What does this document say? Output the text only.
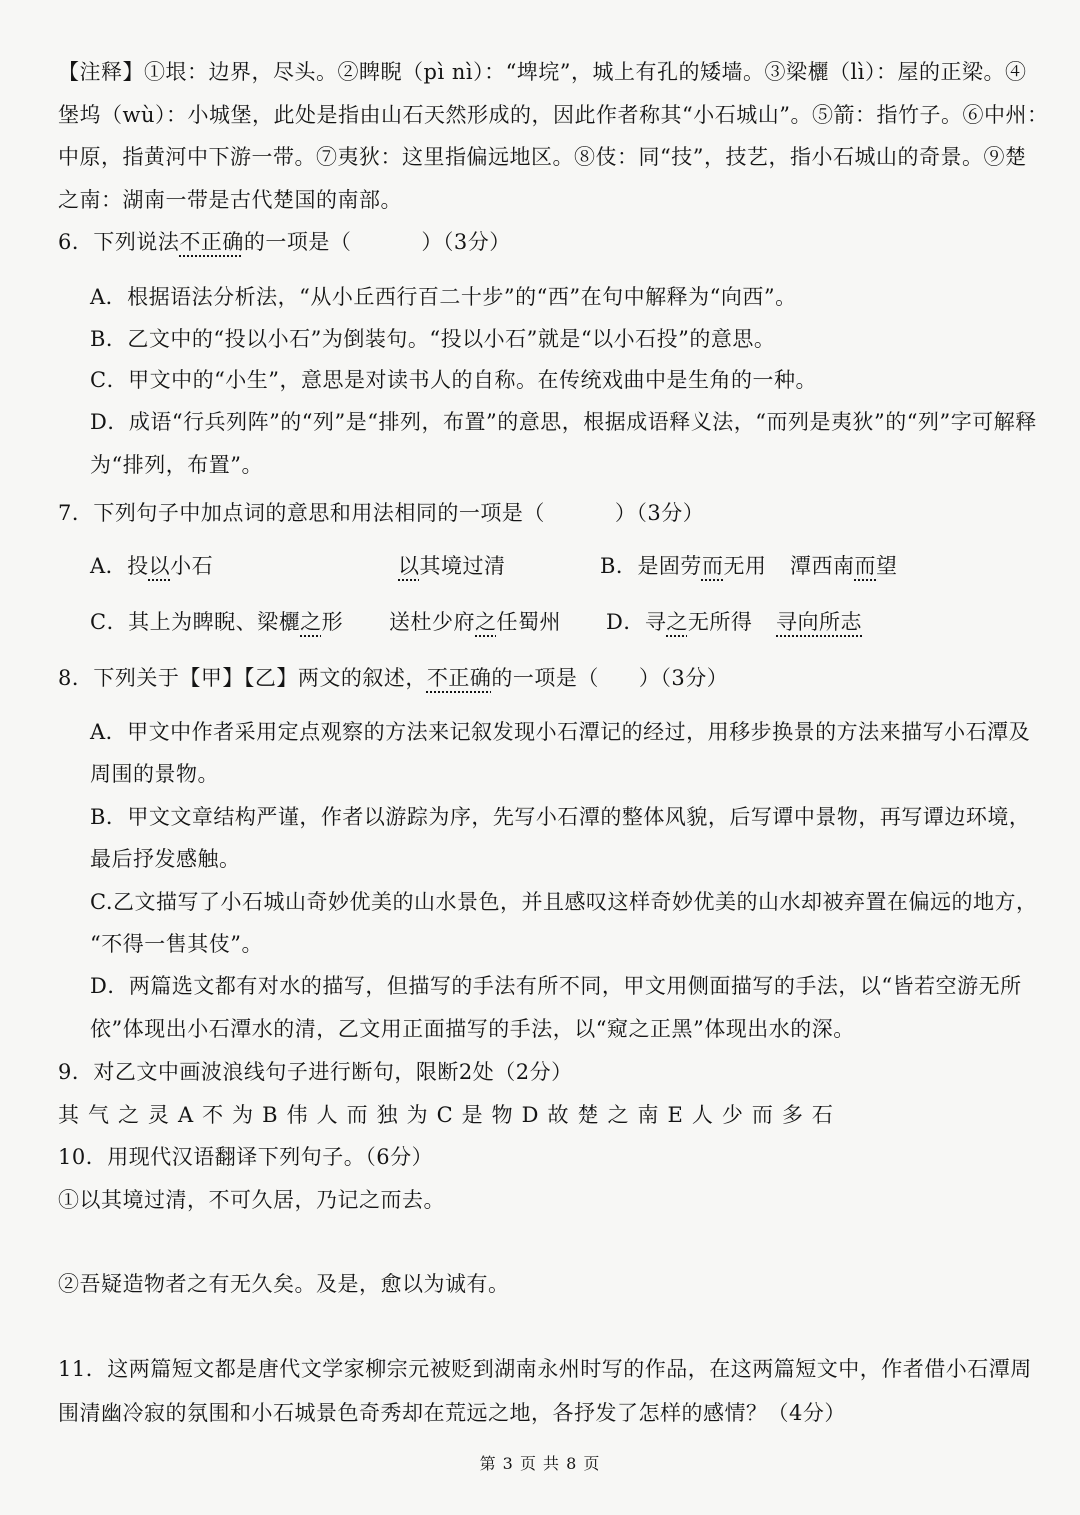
【注释】①垠：边界，尽头。②睥睨（pì nì）：“埤垸”，城上有孔的矮墙。③梁欐（lì）：屋的正梁。④
堡坞（wù）：小城堡，此处是指由山石天然形成的，因此作者称其“小石城山”。⑤箭：指竹子。⑥中州：
中原，指黄河中下游一带。⑦夷狄：这里指偏远地区。⑧伎：同“技”，技艺，指小石城山的奇景。⑨楚
之南：湖南一带是古代楚国的南部。
6．下列说法不正确的一项是（	）（3分）
A．根据语法分析法，“从小丘西行百二十步”的“西”在句中解释为“向西”。
B．乙文中的“投以小石”为倒装句。“投以小石”就是“以小石投”的意思。
C．甲文中的“小生”，意思是对读书人的自称。在传统戏曲中是生角的一种。
D．成语“行兵列阵”的“列”是“排列，布置”的意思，根据成语释义法，“而列是夷狄”的“列”字可解释
为“排列，布置”。
7．下列句子中加点词的意思和用法相同的一项是（	）（3分）
A．投以小石	以其境过清	B．是固劳而无用 潭西南而望
C．其上为睥睨、梁欐之形 送杜少府之任蜀州 D．寻之无所得 寻向所志
8．下列关于【甲】【乙】两文的叙述，不正确的一项是（ ）（3分）
A．甲文中作者采用定点观察的方法来记叙发现小石潭记的经过，用移步换景的方法来描写小石潭及
周围的景物。
B．甲文文章结构严谨，作者以游踪为序，先写小石潭的整体风貌，后写谭中景物，再写谭边环境，
最后抒发感触。
C.乙文描写了小石城山奇妙优美的山水景色，并且感叹这样奇妙优美的山水却被弃置在偏远的地方，
“不得一售其伎”。
D．两篇选文都有对水的描写，但描写的手法有所不同，甲文用侧面描写的手法，以“皆若空游无所
依”体现出小石潭水的清，乙文用正面描写的手法，以“窥之正黑”体现出水的深。
9．对乙文中画波浪线句子进行断句，限断2处（2分）
其气之灵A不为B伟人而独为C是物D故楚之南E人少而多石
10．用现代汉语翻译下列句子。（6分）
①以其境过清，不可久居，乃记之而去。
②吾疑造物者之有无久矣。及是，愈以为诚有。
11．这两篇短文都是唐代文学家柳宗元被贬到湖南永州时写的作品，在这两篇短文中，作者借小石潭周
围清幽冷寂的氛围和小石城景色奇秀却在荒远之地，各抒发了怎样的感情？（4分）
第 3 页 共 8 页
